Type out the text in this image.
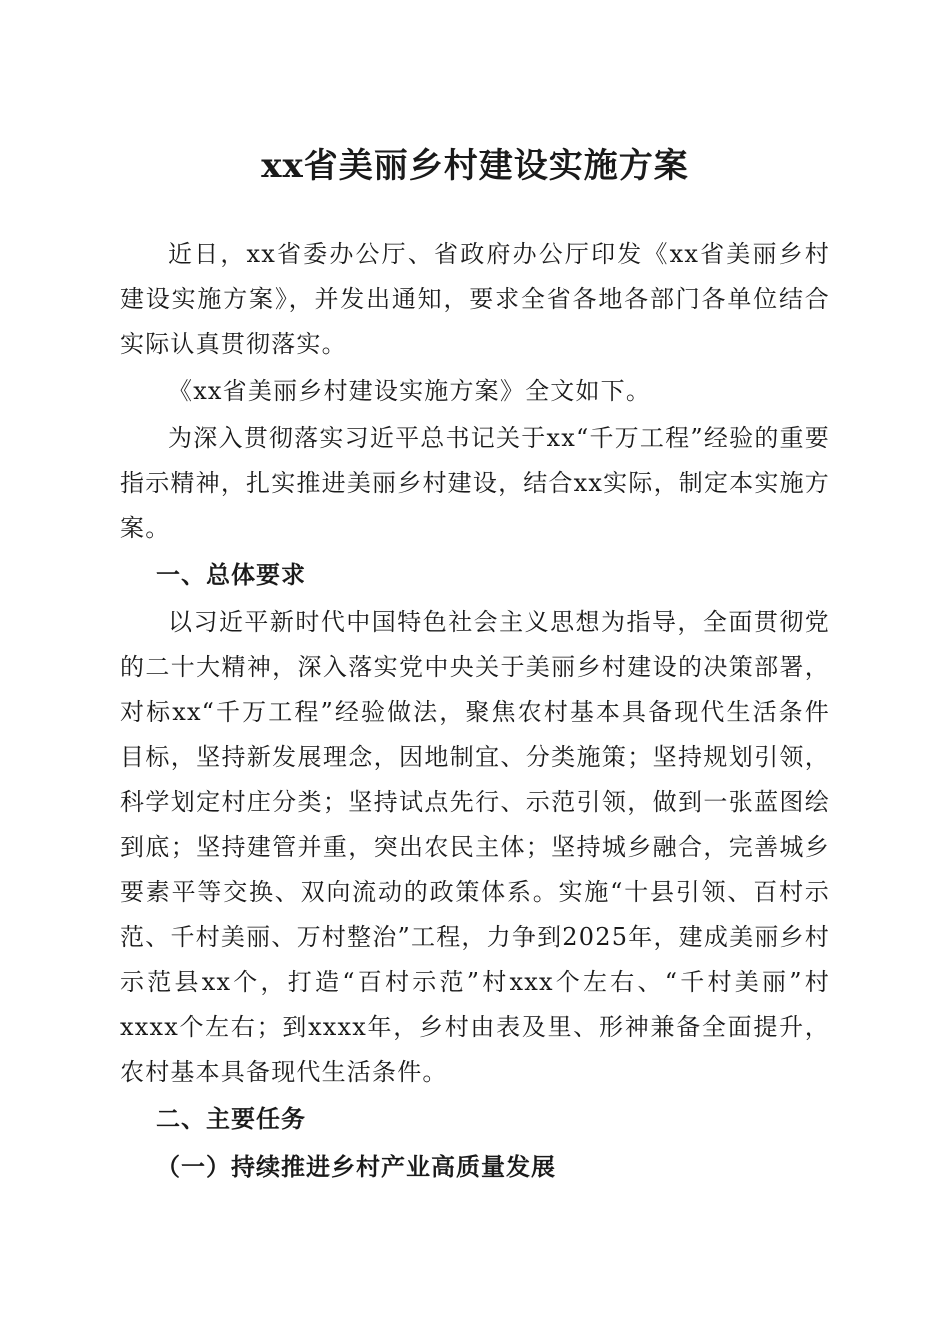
xx省美丽乡村建设实施方案

近日，xx省委办公厅、省政府办公厅印发《xx省美丽乡村建设实施方案》，并发出通知，要求全省各地各部门各单位结合实际认真贯彻落实。

《xx省美丽乡村建设实施方案》全文如下。

为深入贯彻落实习近平总书记关于xx“千万工程”经验的重要指示精神，扎实推进美丽乡村建设，结合xx实际，制定本实施方案。

一、总体要求

以习近平新时代中国特色社会主义思想为指导，全面贯彻党的二十大精神，深入落实党中央关于美丽乡村建设的决策部署，对标xx“千万工程”经验做法，聚焦农村基本具备现代生活条件目标，坚持新发展理念，因地制宜、分类施策；坚持规划引领，科学划定村庄分类；坚持试点先行、示范引领，做到一张蓝图绘到底；坚持建管并重，突出农民主体；坚持城乡融合，完善城乡要素平等交换、双向流动的政策体系。实施“十县引领、百村示范、千村美丽、万村整治”工程，力争到2025年，建成美丽乡村示范县xx个，打造“百村示范”村xxx个左右、“千村美丽”村xxxx个左右；到xxxx年，乡村由表及里、形神兼备全面提升，农村基本具备现代生活条件。

二、主要任务

（一）持续推进乡村产业高质量发展
